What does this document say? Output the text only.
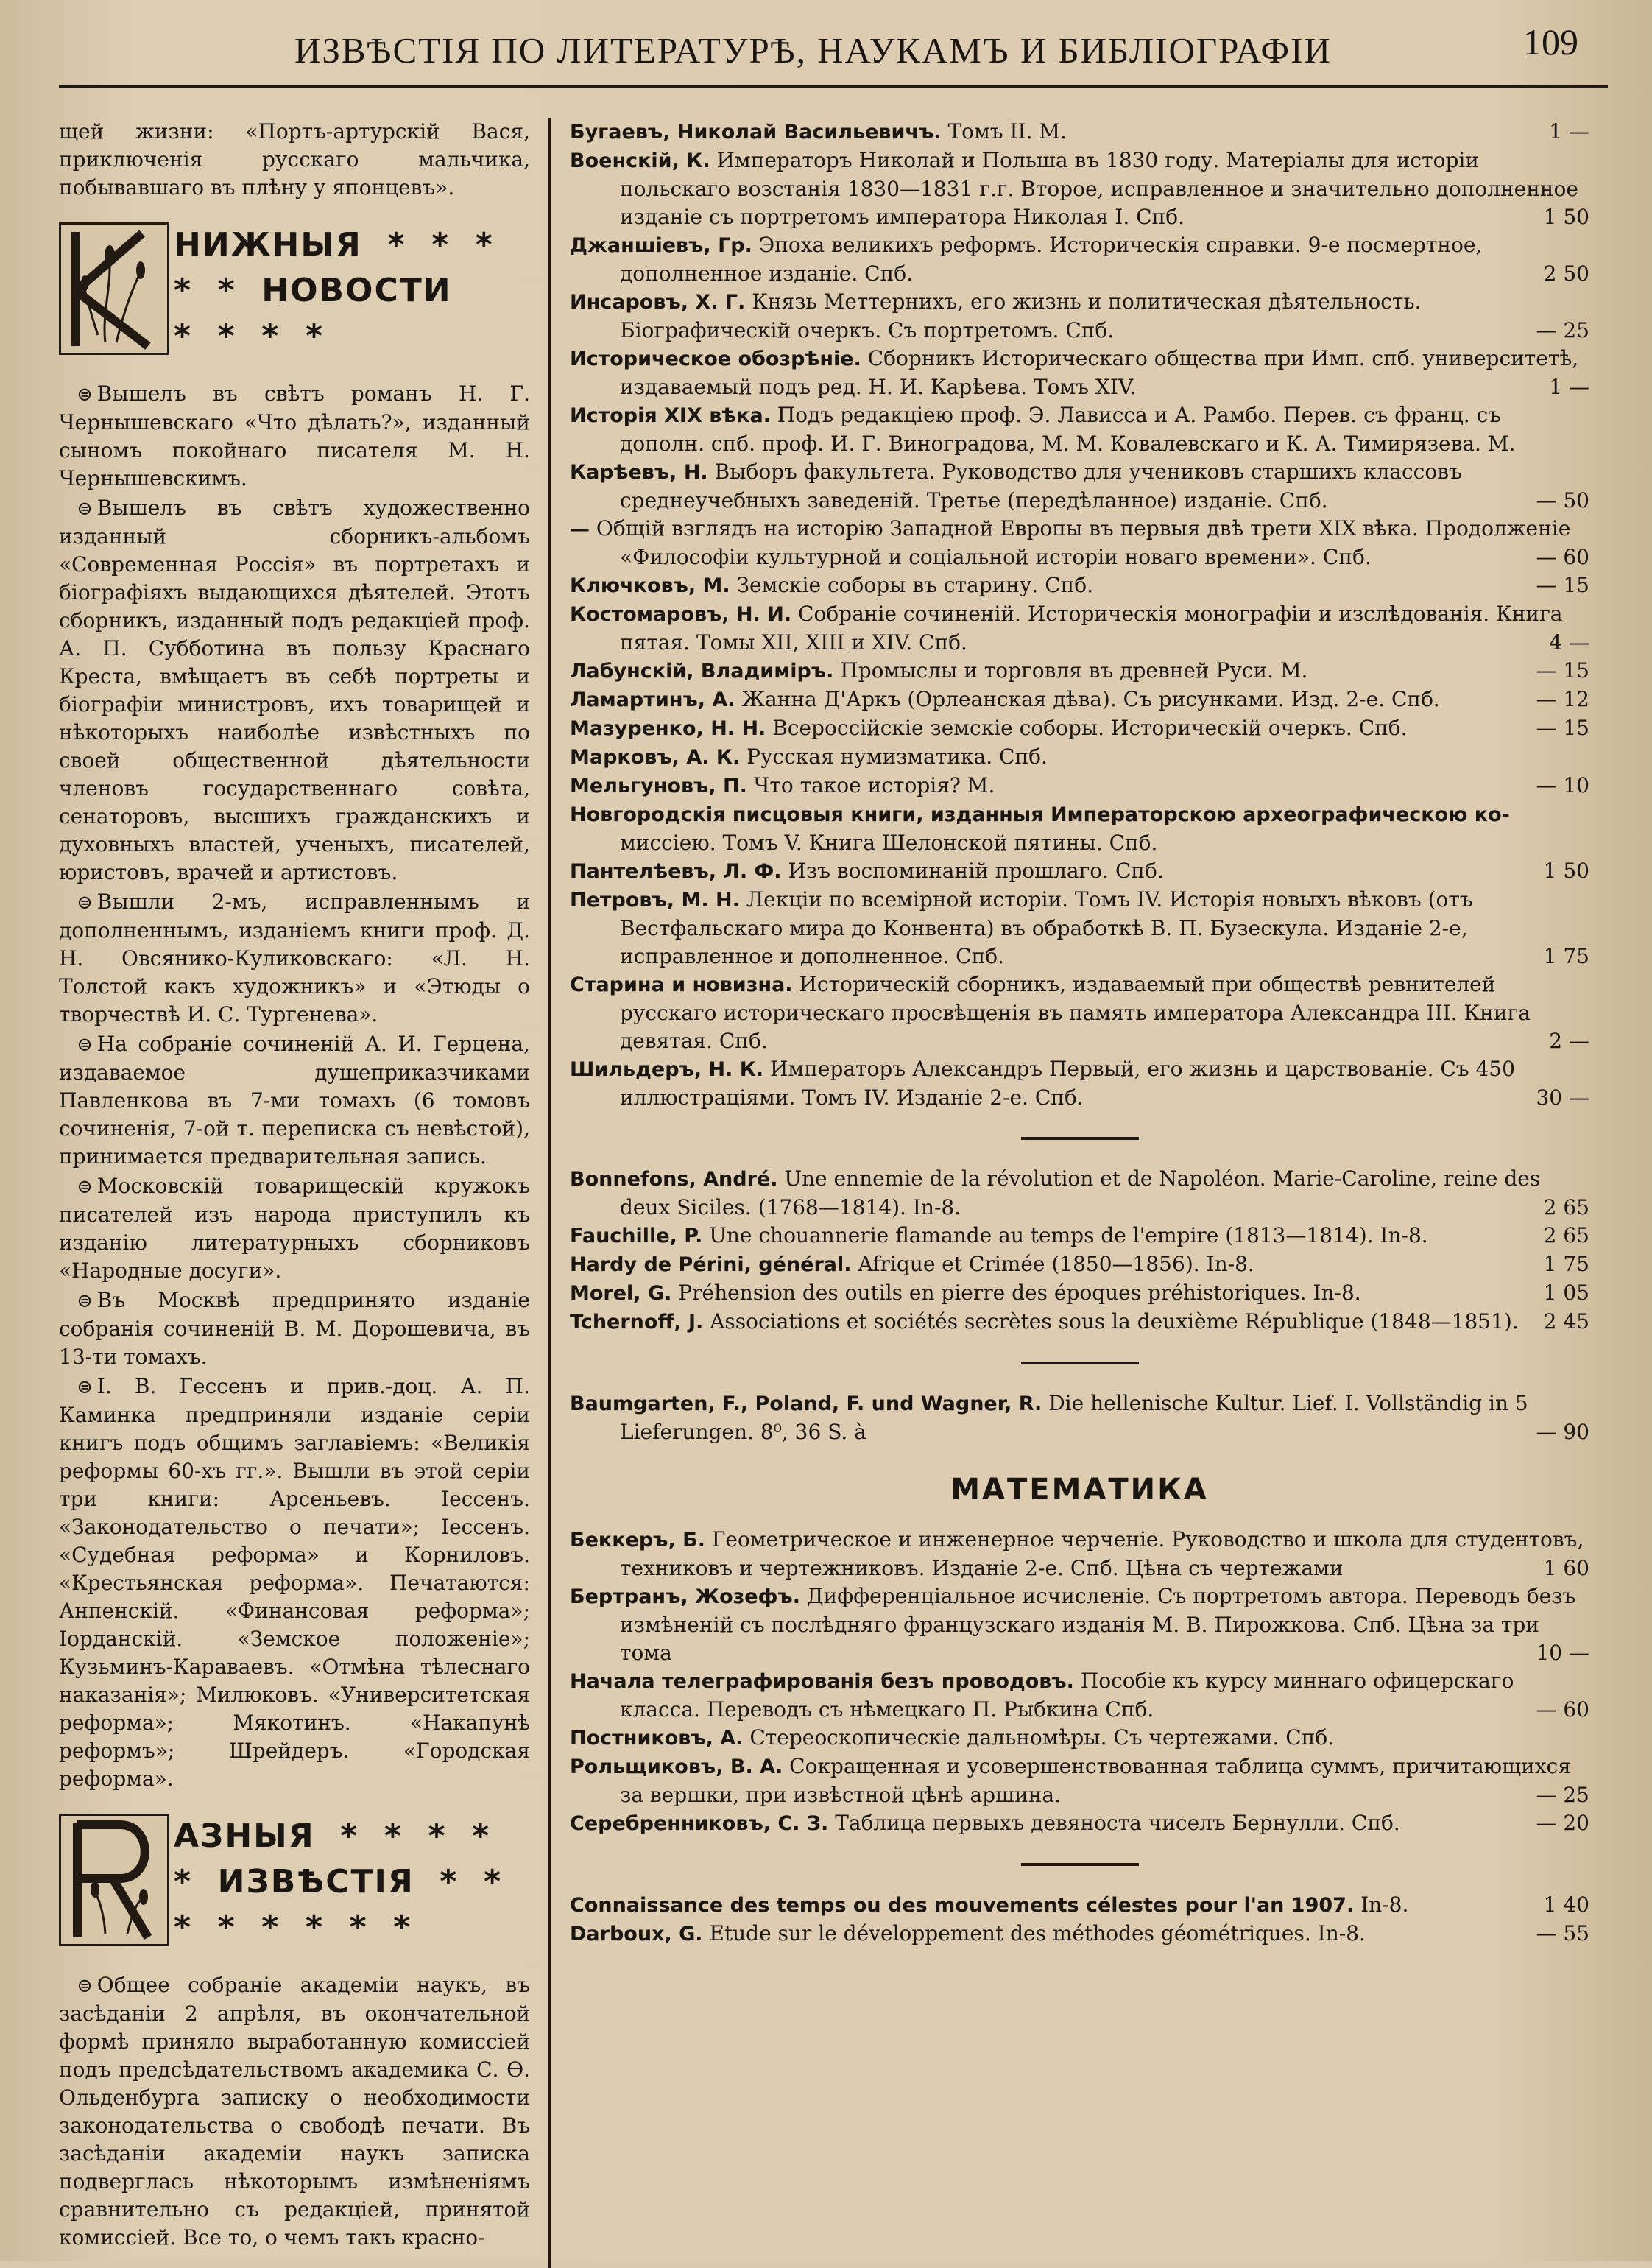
ИЗВѢСТІЯ ПО ЛИТЕРАТУРѢ, НАУКАМЪ И БИБЛІОГРАФІИ	109

щей жизни: «Портъ-артурскій Вася, приключенія русскаго мальчика, побывавшаго въ плѣну у японцевъ».

НИЖНЫЯ  *  *  *
*  *  НОВОСТИ
*  *  *  *

⊜ Вышелъ въ свѣтъ романъ Н. Г. Чернышевскаго «Что дѣлать?», изданный сыномъ покойнаго писателя М. Н. Чернышевскимъ.

⊜ Вышелъ въ свѣтъ художественно изданный сборникъ-альбомъ «Современная Россія» въ портретахъ и біографіяхъ выдающихся дѣятелей. Этотъ сборникъ, изданный подъ редакціей проф. А. П. Субботина въ пользу Краснаго Креста, вмѣщаетъ въ себѣ портреты и біографіи министровъ, ихъ товарищей и нѣкоторыхъ наиболѣе извѣстныхъ по своей общественной дѣятельности членовъ государственнаго совѣта, сенаторовъ, высшихъ гражданскихъ и духовныхъ властей, ученыхъ, писателей, юристовъ, врачей и артистовъ.

⊜ Вышли 2-мъ, исправленнымъ и дополненнымъ, изданіемъ книги проф. Д. Н. Овсянико-Куликовскаго: «Л. Н. Толстой какъ художникъ» и «Этюды о творчествѣ И. С. Тургенева».

⊜ На собраніе сочиненій А. И. Герцена, издаваемое душеприказчиками Павленкова въ 7-ми томахъ (6 томовъ сочиненія, 7-ой т. переписка съ невѣстой), принимается предварительная запись.

⊜ Московскій товарищескій кружокъ писателей изъ народа приступилъ къ изданію литературныхъ сборниковъ «Народные досуги».

⊜ Въ Москвѣ предпринято изданіе собранія сочиненій В. М. Дорошевича, въ 13-ти томахъ.

⊜ І. В. Гессенъ и прив.-доц. А. П. Каминка предприняли изданіе серіи книгъ подъ общимъ заглавіемъ: «Великія реформы 60-хъ гг.». Вышли въ этой серіи три книги: Арсеньевъ. Іессенъ. «Законодательство о печати»; Іессенъ. «Судебная реформа» и Корниловъ. «Крестьянская реформа». Печатаются: Анпенскій. «Финансовая реформа»; Іорданскій. «Земское положеніе»; Кузьминъ-Караваевъ. «Отмѣна тѣлеснаго наказанія»; Милюковъ. «Университетская реформа»; Мякотинъ. «Накапунѣ реформъ»; Шрейдеръ. «Городская реформа».

АЗНЫЯ  *  *  *  *
*  ИЗВѢСТІЯ  *  *
*  *  *  *  *  *

⊜ Общее собраніе академіи наукъ, въ засѣданіи 2 апрѣля, въ окончательной формѣ приняло выработанную комиссіей подъ предсѣдательствомъ академика С. Ѳ. Ольденбурга записку о необходимости законодательства о свободѣ печати. Въ засѣданіи академіи наукъ записка подверглась нѣкоторымъ измѣненіямъ сравнительно съ редакціей, принятой комиссіей. Все то, о чемъ такъ красно-

Бугаевъ, Николай Васильевичъ. Томъ II. М.	1 —

Военскій, К. Императоръ Николай и Польша въ 1830 году. Матеріалы для исторіи польскаго возстанія 1830—1831 г.г. Второе, исправленное и значительно дополненное изданіе съ портретомъ императора Николая I. Спб.	1 50

Джаншіевъ, Гр. Эпоха великихъ реформъ. Историческія справки. 9-е посмертное, дополненное изданіе. Спб.	2 50

Инсаровъ, Х. Г. Князь Меттернихъ, его жизнь и политическая дѣятельность. Біографическій очеркъ. Съ портретомъ. Спб.	— 25

Историческое обозрѣніе. Сборникъ Историческаго общества при Имп. спб. университетѣ, издаваемый подъ ред. Н. И. Карѣева. Томъ XIV.	1 —

Исторія XIX вѣка. Подъ редакціею проф. Э. Лависса и А. Рамбо. Перев. съ франц. съ дополн. спб. проф. И. Г. Виноградова, М. М. Ковалевскаго и К. А. Тимирязева. М.

Карѣевъ, Н. Выборъ факультета. Руководство для учениковъ старшихъ классовъ среднеучебныхъ заведеній. Третье (передѣланное) изданіе. Спб.	— 50

— Общій взглядъ на исторію Западной Европы въ первыя двѣ трети XIX вѣка. Продолженіе «Философіи культурной и соціальной исторіи новаго времени». Спб.	— 60

Ключковъ, М. Земскіе соборы въ старину. Спб.	— 15

Костомаровъ, Н. И. Собраніе сочиненій. Историческія монографіи и изслѣдованія. Книга пятая. Томы XII, XIII и XIV. Спб.	4 —

Лабунскій, Владиміръ. Промыслы и торговля въ древней Руси. М.	— 15

Ламартинъ, А. Жанна Д'Аркъ (Орлеанская дѣва). Съ рисунками. Изд. 2-е. Спб.	— 12

Мазуренко, Н. Н. Всероссійскіе земскіе соборы. Историческій очеркъ. Спб.	— 15

Марковъ, А. К. Русская нумизматика. Спб.

Мельгуновъ, П. Что такое исторія? М.	— 10

Новгородскія писцовыя книги, изданныя Императорскою археографическою ко- миссіею. Томъ V. Книга Шелонской пятины. Спб.

Пантелѣевъ, Л. Ф. Изъ воспоминаній прошлаго. Спб.	1 50

Петровъ, М. Н. Лекціи по всемірной исторіи. Томъ IV. Исторія новыхъ вѣковъ (отъ Вестфальскаго мира до Конвента) въ обработкѣ В. П. Бузескула. Изданіе 2-е, исправленное и дополненное. Спб.	1 75

Старина и новизна. Историческій сборникъ, издаваемый при обществѣ ревнителей русскаго историческаго просвѣщенія въ память императора Александра III. Книга девятая. Спб.	2 —

Шильдеръ, Н. К. Императоръ Александръ Первый, его жизнь и царствованіе. Съ 450 иллюстраціями. Томъ IV. Изданіе 2-е. Спб.	30 —

Bonnefons, André. Une ennemie de la révolution et de Napoléon. Marie-Caroline, reine des deux Siciles. (1768—1814). In-8.	2 65

Fauchille, P. Une chouannerie flamande au temps de l'empire (1813—1814). In-8.	2 65

Hardy de Périni, général. Afrique et Crimée (1850—1856). In-8.	1 75

Morel, G. Préhension des outils en pierre des époques préhistoriques. In-8.	1 05

Tchernoff, J. Associations et sociétés secrètes sous la deuxième République (1848—1851).	2 45

Baumgarten, F., Poland, F. und Wagner, R. Die hellenische Kultur. Lief. I. Vollständig in 5 Lieferungen. 8⁰, 36 S. à	— 90

МАТЕМАТИКА

Беккеръ, Б. Геометрическое и инженерное черченіе. Руководство и школа для студентовъ, техниковъ и чертежниковъ. Изданіе 2-е. Спб. Цѣна съ чертежами	1 60

Бертранъ, Жозефъ. Дифференціальное исчисленіе. Съ портретомъ автора. Переводъ безъ измѣненій съ послѣдняго французскаго изданія М. В. Пирожкова. Спб. Цѣна за три тома	10 —

Начала телеграфированія безъ проводовъ. Пособіе къ курсу миннаго офицерскаго класса. Переводъ съ нѣмецкаго П. Рыбкина Спб.	— 60

Постниковъ, А. Стереоскопическіе дальномѣры. Съ чертежами. Спб.

Рольщиковъ, В. А. Сокращенная и усовершенствованная таблица суммъ, причитающихся за вершки, при извѣстной цѣнѣ аршина.	— 25

Серебренниковъ, С. З. Таблица первыхъ девяноста чиселъ Бернулли. Спб.	— 20

Connaissance des temps ou des mouvements célestes pour l'an 1907. In-8.	1 40

Darboux, G. Etude sur le développement des méthodes géométriques. In-8.	— 55
